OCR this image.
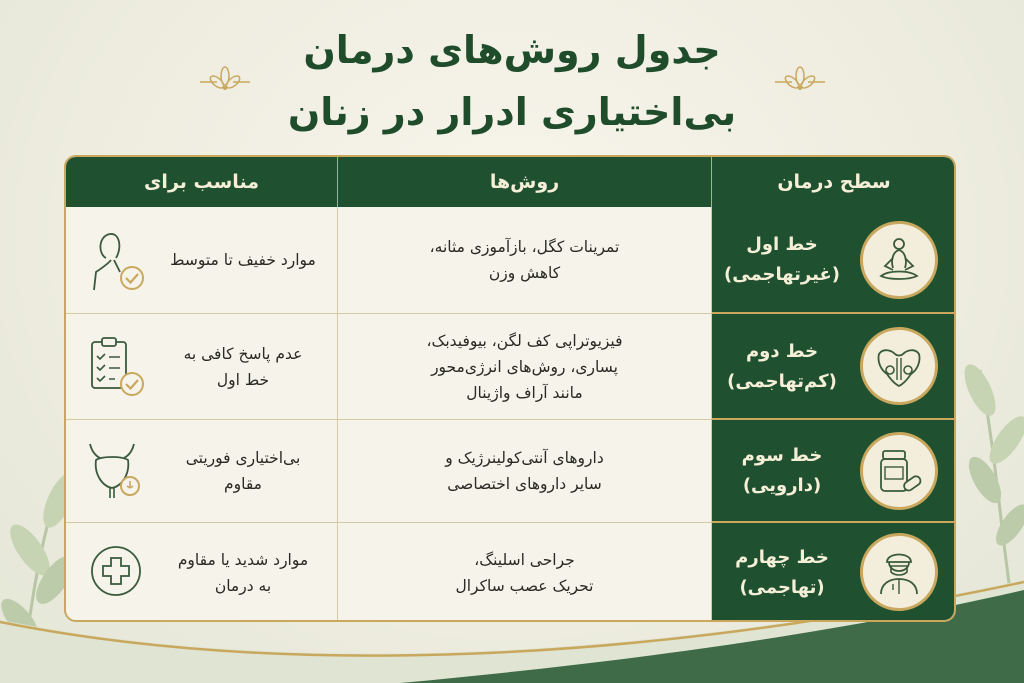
جدول روش‌های درمان
بی‌اختیاری ادرار در زنان
مناسب برای	روش‌ها	سطح درمان

موارد خفیف تا متوسط

تمرینات کگل، بازآموزی مثانه،
کاهش وزن

خط اول
(غیرتهاجمی)

عدم پاسخ کافی به
خط اول

فیزیوتراپی کف لگن، بیوفیدبک،
پساری، روش‌های انرژی‌محور
مانند آراف واژینال

خط دوم
(کم‌تهاجمی)

بی‌اختیاری فوریتی
مقاوم

داروهای آنتی‌کولینرژیک و
سایر داروهای اختصاصی

خط سوم
(دارویی)

موارد شدید یا مقاوم
به درمان

جراحی اسلینگ،
تحریک عصب ساکرال

خط چهارم
(تهاجمی)
